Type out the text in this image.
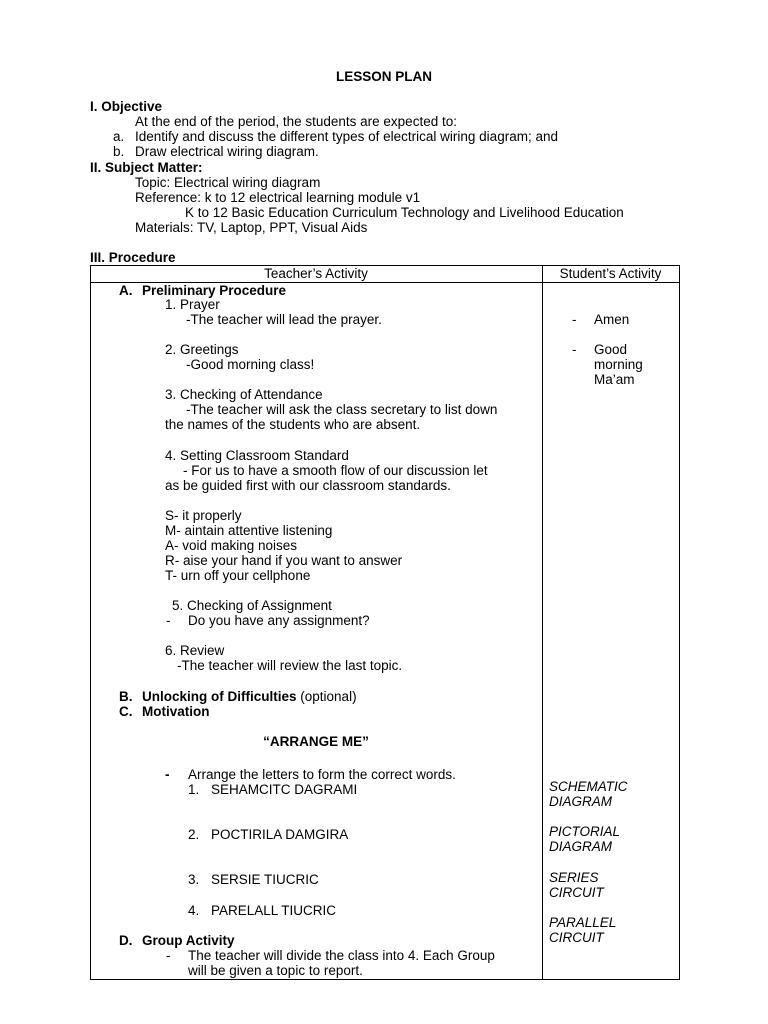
LESSON PLAN
I. Objective
At the end of the period, the students are expected to:
a. Identify and discuss the different types of electrical wiring diagram; and
b. Draw electrical wiring diagram.
II. Subject Matter:
Topic: Electrical wiring diagram
Reference: k to 12 electrical learning module v1
K to 12 Basic Education Curriculum Technology and Livelihood Education
Materials: TV, Laptop, PPT, Visual Aids
III. Procedure
Teacher’s Activity	Student’s Activity
A. Preliminary Procedure
1. Prayer
-The teacher will lead the prayer.
2. Greetings
-Good morning class!
3. Checking of Attendance
-The teacher will ask the class secretary to list down
the names of the students who are absent.
4. Setting Classroom Standard
- For us to have a smooth flow of our discussion let
as be guided first with our classroom standards.
S- it properly
M- aintain attentive listening
A- void making noises
R- aise your hand if you want to answer
T- urn off your cellphone
5. Checking of Assignment
- Do you have any assignment?
6. Review
-The teacher will review the last topic.
B. Unlocking of Difficulties (optional)
C. Motivation
“ARRANGE ME”
- Arrange the letters to form the correct words.
1. SEHAMCITC DAGRAMI
2. POCTIRILA DAMGIRA
3. SERSIE TIUCRIC
4. PARELALL TIUCRIC
D. Group Activity
- The teacher will divide the class into 4. Each Group
will be given a topic to report.
- Amen
- Good
morning
Ma’am
SCHEMATIC
DIAGRAM
PICTORIAL
DIAGRAM
SERIES
CIRCUIT
PARALLEL
CIRCUIT
